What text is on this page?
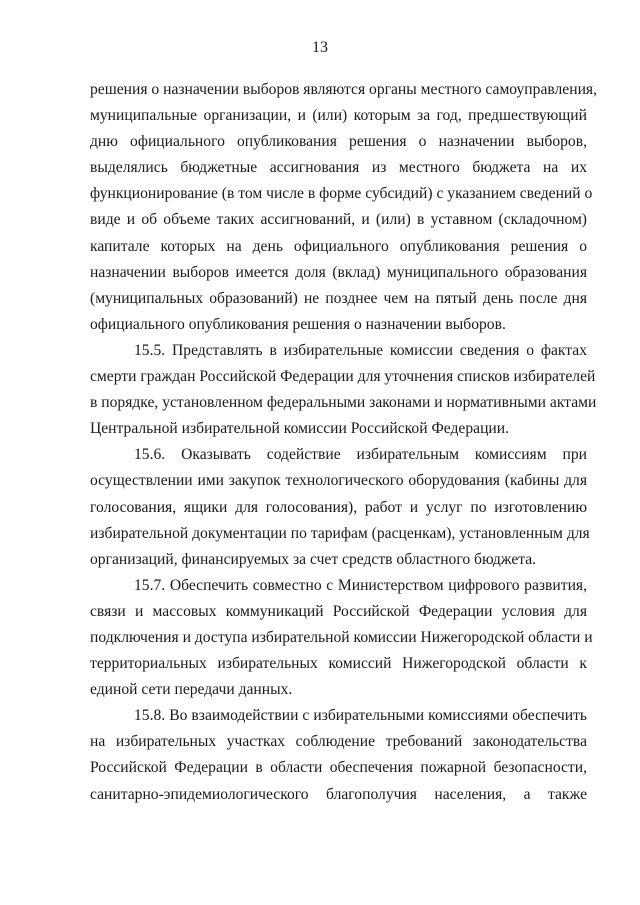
13

решения о назначении выборов являются органы местного самоуправления,
муниципальные организации, и (или) которым за год, предшествующий
дню официального опубликования решения о назначении выборов,
выделялись бюджетные ассигнования из местного бюджета на их
функционирование (в том числе в форме субсидий) с указанием сведений о
виде и об объеме таких ассигнований, и (или) в уставном (складочном)
капитале которых на день официального опубликования решения о
назначении выборов имеется доля (вклад) муниципального образования
(муниципальных образований) не позднее чем на пятый день после дня
официального опубликования решения о назначении выборов.

15.5. Представлять в избирательные комиссии сведения о фактах
смерти граждан Российской Федерации для уточнения списков избирателей
в порядке, установленном федеральными законами и нормативными актами
Центральной избирательной комиссии Российской Федерации.

15.6. Оказывать содействие избирательным комиссиям при
осуществлении ими закупок технологического оборудования (кабины для
голосования, ящики для голосования), работ и услуг по изготовлению
избирательной документации по тарифам (расценкам), установленным для
организаций, финансируемых за счет средств областного бюджета.

15.7. Обеспечить совместно с Министерством цифрового развития,
связи и массовых коммуникаций Российской Федерации условия для
подключения и доступа избирательной комиссии Нижегородской области и
территориальных избирательных комиссий Нижегородской области к
единой сети передачи данных.

15.8. Во взаимодействии с избирательными комиссиями обеспечить
на избирательных участках соблюдение требований законодательства
Российской Федерации в области обеспечения пожарной безопасности,
санитарно-эпидемиологического благополучия населения, а также
